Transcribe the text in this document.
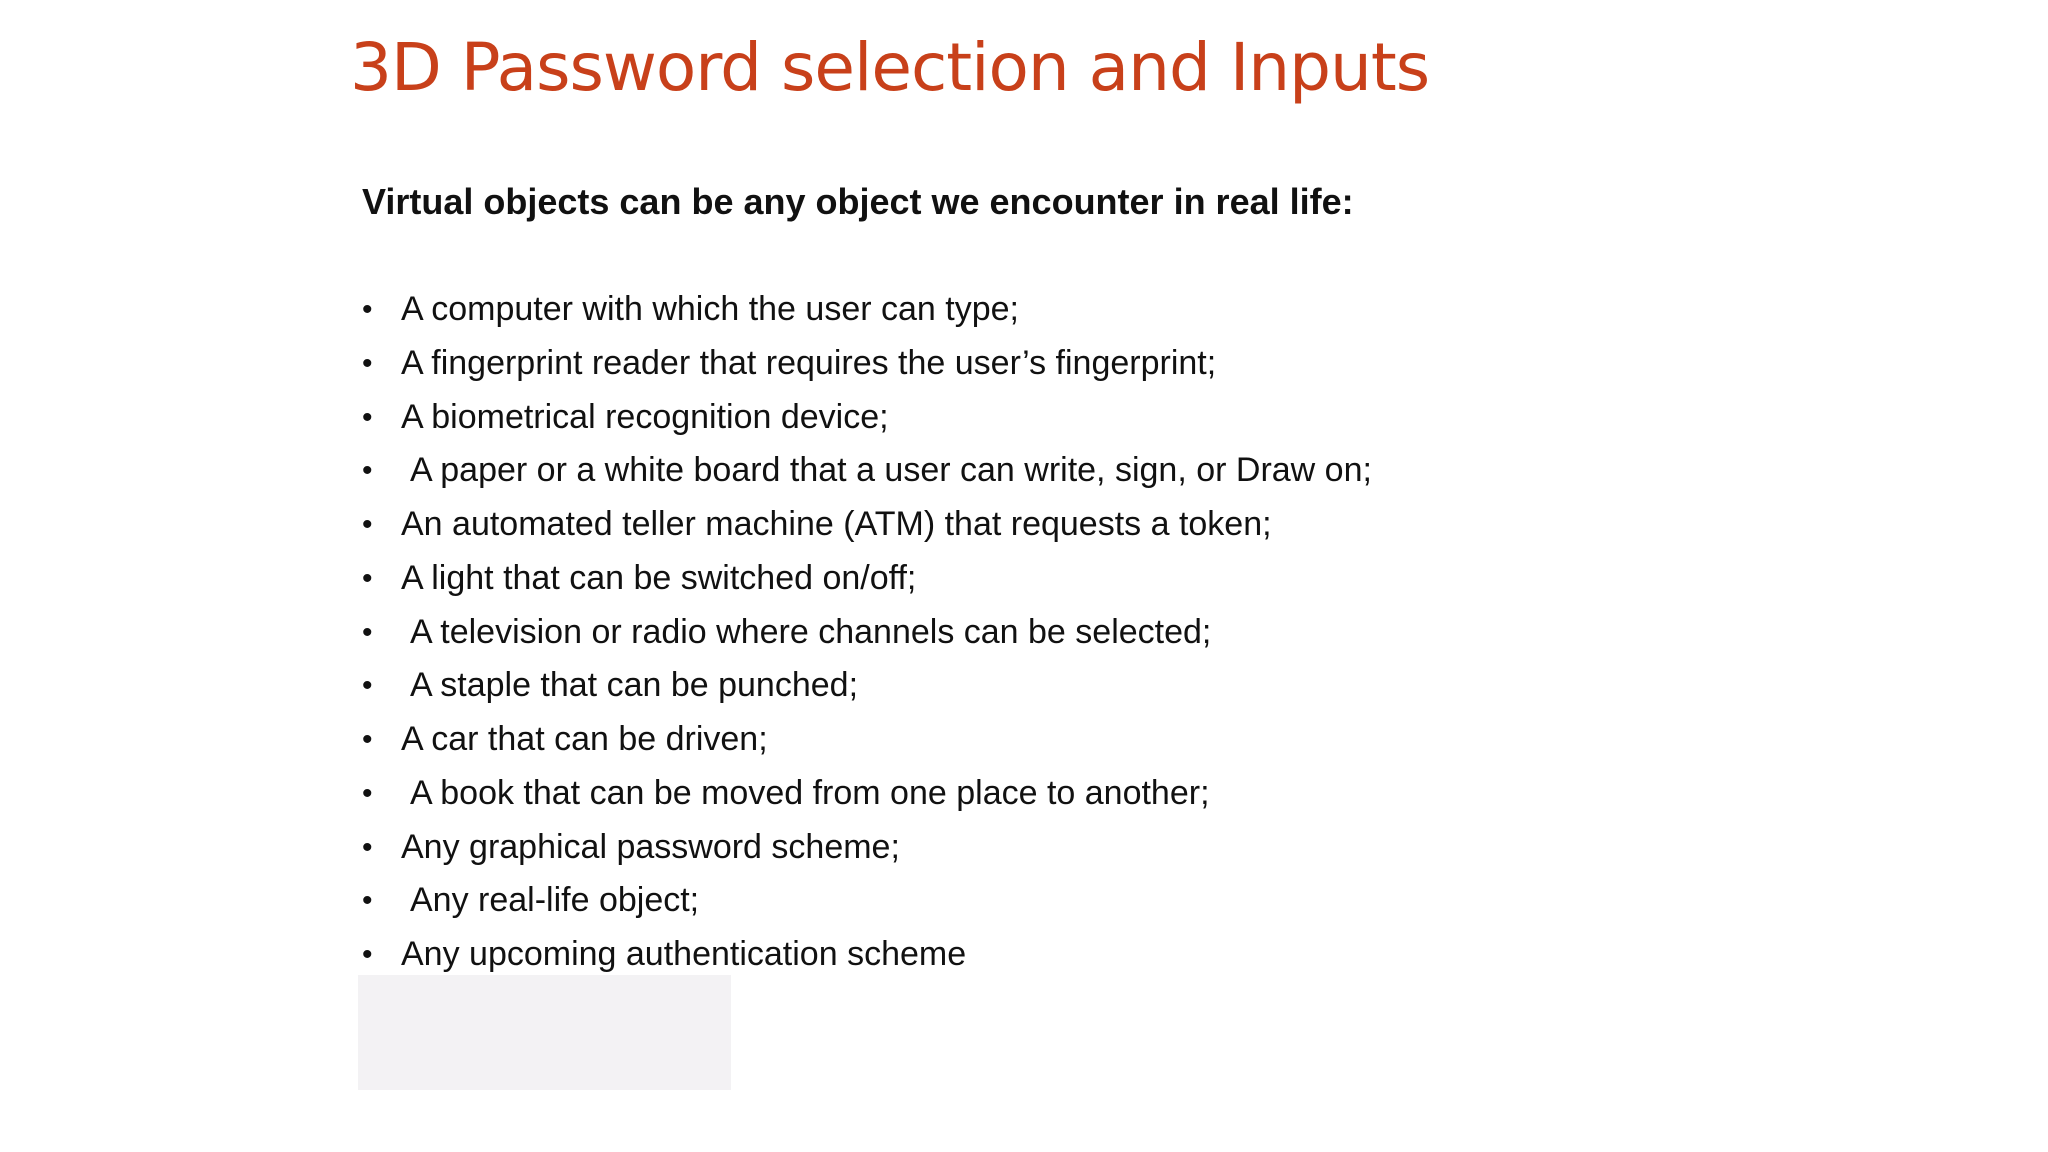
3D Password selection and Inputs

Virtual objects can be any object we encounter in real life:

• A computer with which the user can type;
• A fingerprint reader that requires the user’s fingerprint;
• A biometrical recognition device;
• A paper or a white board that a user can write, sign, or Draw on;
• An automated teller machine (ATM) that requests a token;
• A light that can be switched on/off;
• A television or radio where channels can be selected;
• A staple that can be punched;
• A car that can be driven;
• A book that can be moved from one place to another;
• Any graphical password scheme;
• Any real-life object;
• Any upcoming authentication scheme
